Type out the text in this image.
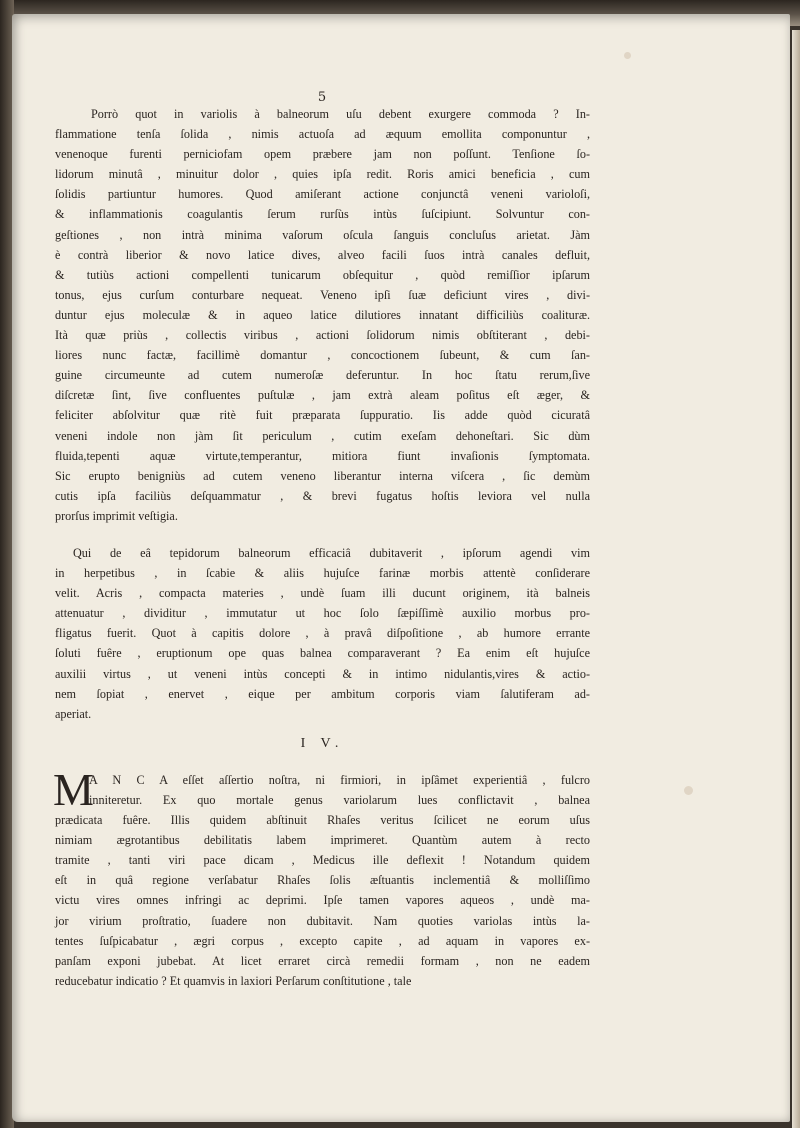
5
Porrò quot in variolis à balneorum uſu debent exurgere commoda ? In-
flammatione tenſa ſolida , nimis actuoſa ad æquum emollita componuntur ,
venenoque furenti perniciofam opem præbere jam non poſſunt. Tenſione ſo-
lidorum minutâ , minuitur dolor , quies ipſa redit. Roris amici beneficia , cum
ſolidis partiuntur humores. Quod amiſerant actione conjunctâ veneni varioloſi,
& inflammationis coagulantis ſerum rurſùs intùs ſuſcipiunt. Solvuntur con-
geſtiones , non intrà minima vaſorum oſcula ſanguis concluſus arietat. Jàm
è contrà liberior & novo latice dives, alveo facili ſuos intrà canales defluit,
& tutiùs actioni compellenti tunicarum obſequitur , quòd remiſſior ipſarum
tonus, ejus curſum conturbare nequeat. Veneno ipſi ſuæ deficiunt vires , divi-
duntur ejus moleculæ & in aqueo latice dilutiores innatant difficiliùs coalituræ.
Ità quæ priùs , collectis viribus , actioni ſolidorum nimis obſtiterant , debi-
liores nunc factæ, facillimè domantur , concoctionem ſubeunt, & cum ſan-
guine circumeunte ad cutem numeroſæ deferuntur. In hoc ſtatu rerum,ſive
diſcretæ ſint, ſive confluentes puſtulæ , jam extrà aleam poſitus eſt æger, &
feliciter abſolvitur quæ ritè fuit præparata ſuppuratio. Iis adde quòd cicuratâ
veneni indole non jàm ſit periculum , cutim exeſam dehoneſtari. Sic dùm
fluida,tepenti aquæ virtute,temperantur, mitiora fiunt invaſionis ſymptomata.
Sic erupto benigniùs ad cutem veneno liberantur interna viſcera , ſic demùm
cutis ipſa faciliùs deſquammatur , & brevi fugatus hoſtis leviora vel nulla
prorſus imprimit veſtigia.
Qui de eâ tepidorum balneorum efficaciâ dubitaverit , ipſorum agendi vim
in herpetibus , in ſcabie & aliis hujuſce farinæ morbis attentè conſiderare
velit. Acris , compacta materies , undè ſuam illi ducunt originem, ità balneis
attenuatur , dividitur , immutatur ut hoc ſolo ſæpiſſimè auxilio morbus pro-
fligatus fuerit. Quot à capitis dolore , à pravâ diſpoſitione , ab humore errante
ſoluti fuêre , eruptionum ope quas balnea comparaverant ? Ea enim eſt hujuſce
auxilii virtus , ut veneni intùs concepti & in intimo nidulantis,vires & actio-
nem ſopiat , enervet , eique per ambitum corporis viam ſalutiferam ad-
aperiat.
I V.
M
A N C A eſſet aſſertio noſtra, ni firmiori, in ipſâmet experientiâ , fulcro
inniteretur. Ex quo mortale genus variolarum lues conflictavit , balnea
prædicata fuêre. Illis quidem abſtinuit Rhaſes veritus ſcilicet ne eorum uſus
nimiam ægrotantibus debilitatis labem imprimeret. Quantùm autem à recto
tramite , tanti viri pace dicam , Medicus ille deflexit ! Notandum quidem
eſt in quâ regione verſabatur Rhaſes ſolis æſtuantis inclementiâ & molliſſimo
victu vires omnes infringi ac deprimi. Ipſe tamen vapores aqueos , undè ma-
jor virium proſtratio, ſuadere non dubitavit. Nam quoties variolas intùs la-
tentes ſuſpicabatur , ægri corpus , excepto capite , ad aquam in vapores ex-
panſam exponi jubebat. At licet erraret circà remedii formam , non ne eadem
reducebatur indicatio ? Et quamvis in laxiori Perſarum conſtitutione , tale
